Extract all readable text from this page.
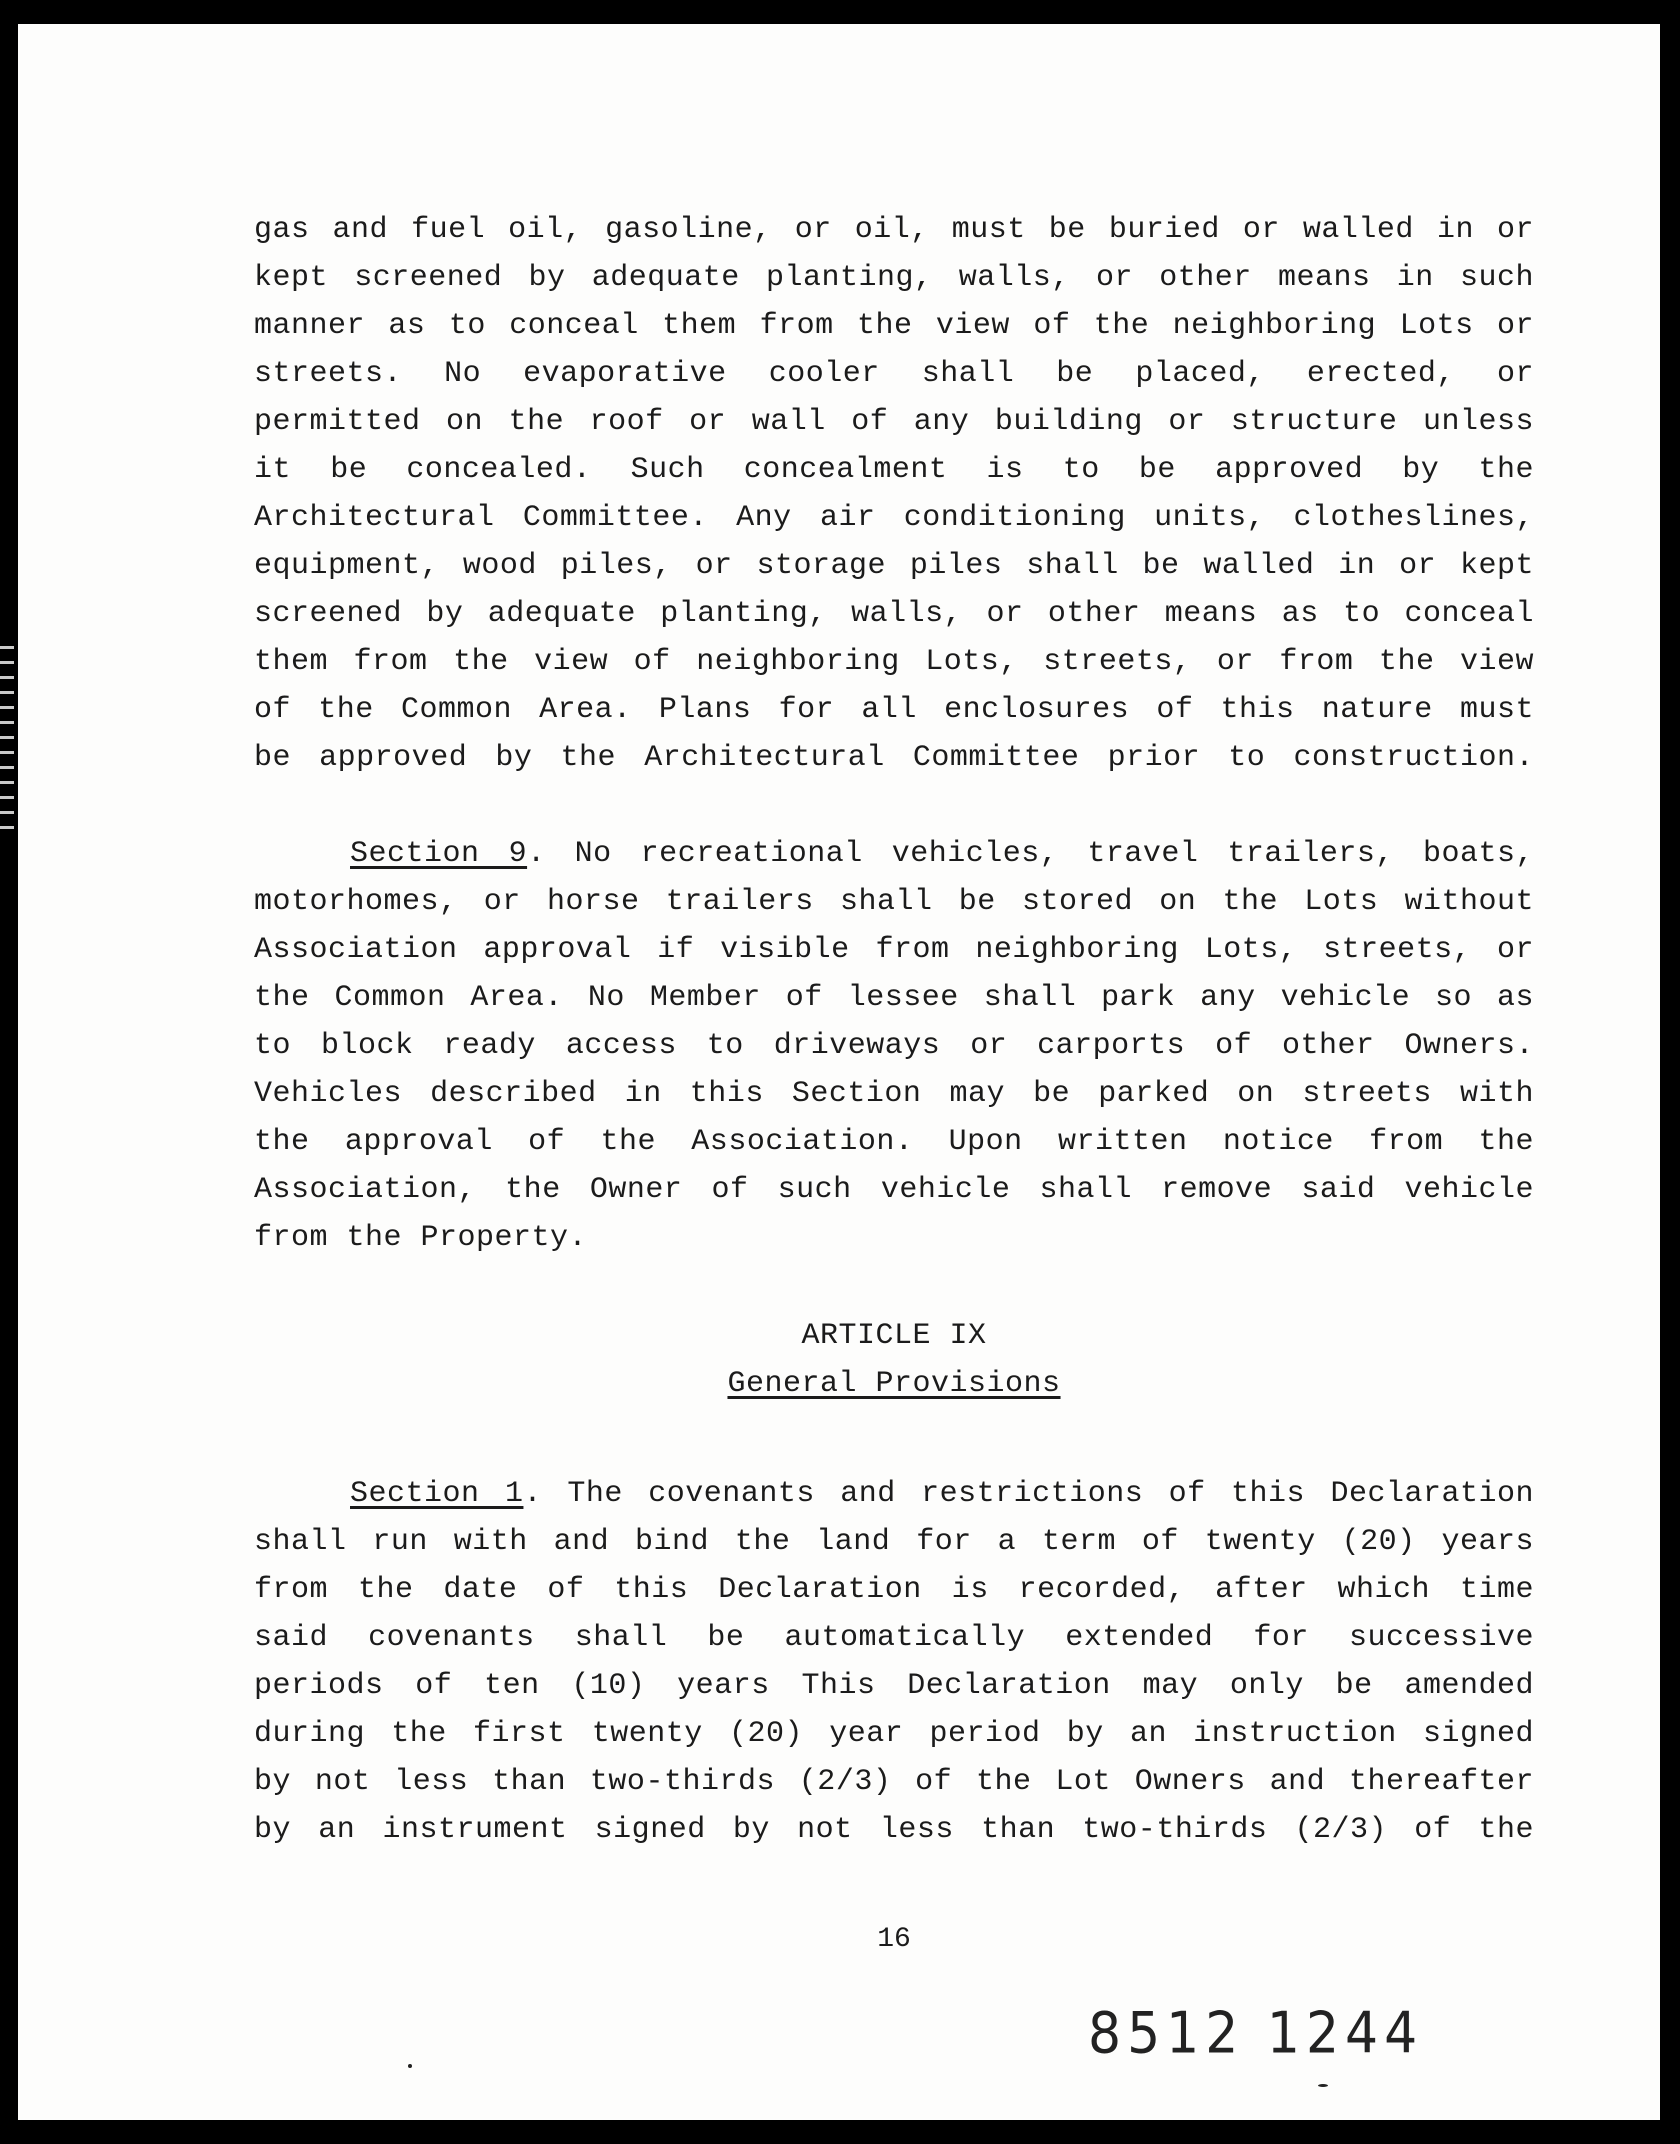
gas and fuel oil, gasoline, or oil, must be buried or walled in or
kept screened by adequate planting, walls, or other means in such
manner as to conceal them from the view of the neighboring Lots or
streets. No evaporative cooler shall be placed, erected, or
permitted on the roof or wall of any building or structure unless
it be concealed. Such concealment is to be approved by the
Architectural Committee. Any air conditioning units, clotheslines,
equipment, wood piles, or storage piles shall be walled in or kept
screened by adequate planting, walls, or other means as to conceal
them from the view of neighboring Lots, streets, or from the view
of the Common Area. Plans for all enclosures of this nature must
be approved by the Architectural Committee prior to construction.
Section 9. No recreational vehicles, travel trailers, boats,
motorhomes, or horse trailers shall be stored on the Lots without
Association approval if visible from neighboring Lots, streets, or
the Common Area. No Member of lessee shall park any vehicle so as
to block ready access to driveways or carports of other Owners.
Vehicles described in this Section may be parked on streets with
the approval of the Association. Upon written notice from the
Association, the Owner of such vehicle shall remove said vehicle
from the Property.
ARTICLE IX
General Provisions
Section 1. The covenants and restrictions of this Declaration
shall run with and bind the land for a term of twenty (20) years
from the date of this Declaration is recorded, after which time
said covenants shall be automatically extended for successive
periods of ten (10) years This Declaration may only be amended
during the first twenty (20) year period by an instruction signed
by not less than two-thirds (2/3) of the Lot Owners and thereafter
by an instrument signed by not less than two-thirds (2/3) of the
16
8512 1244
